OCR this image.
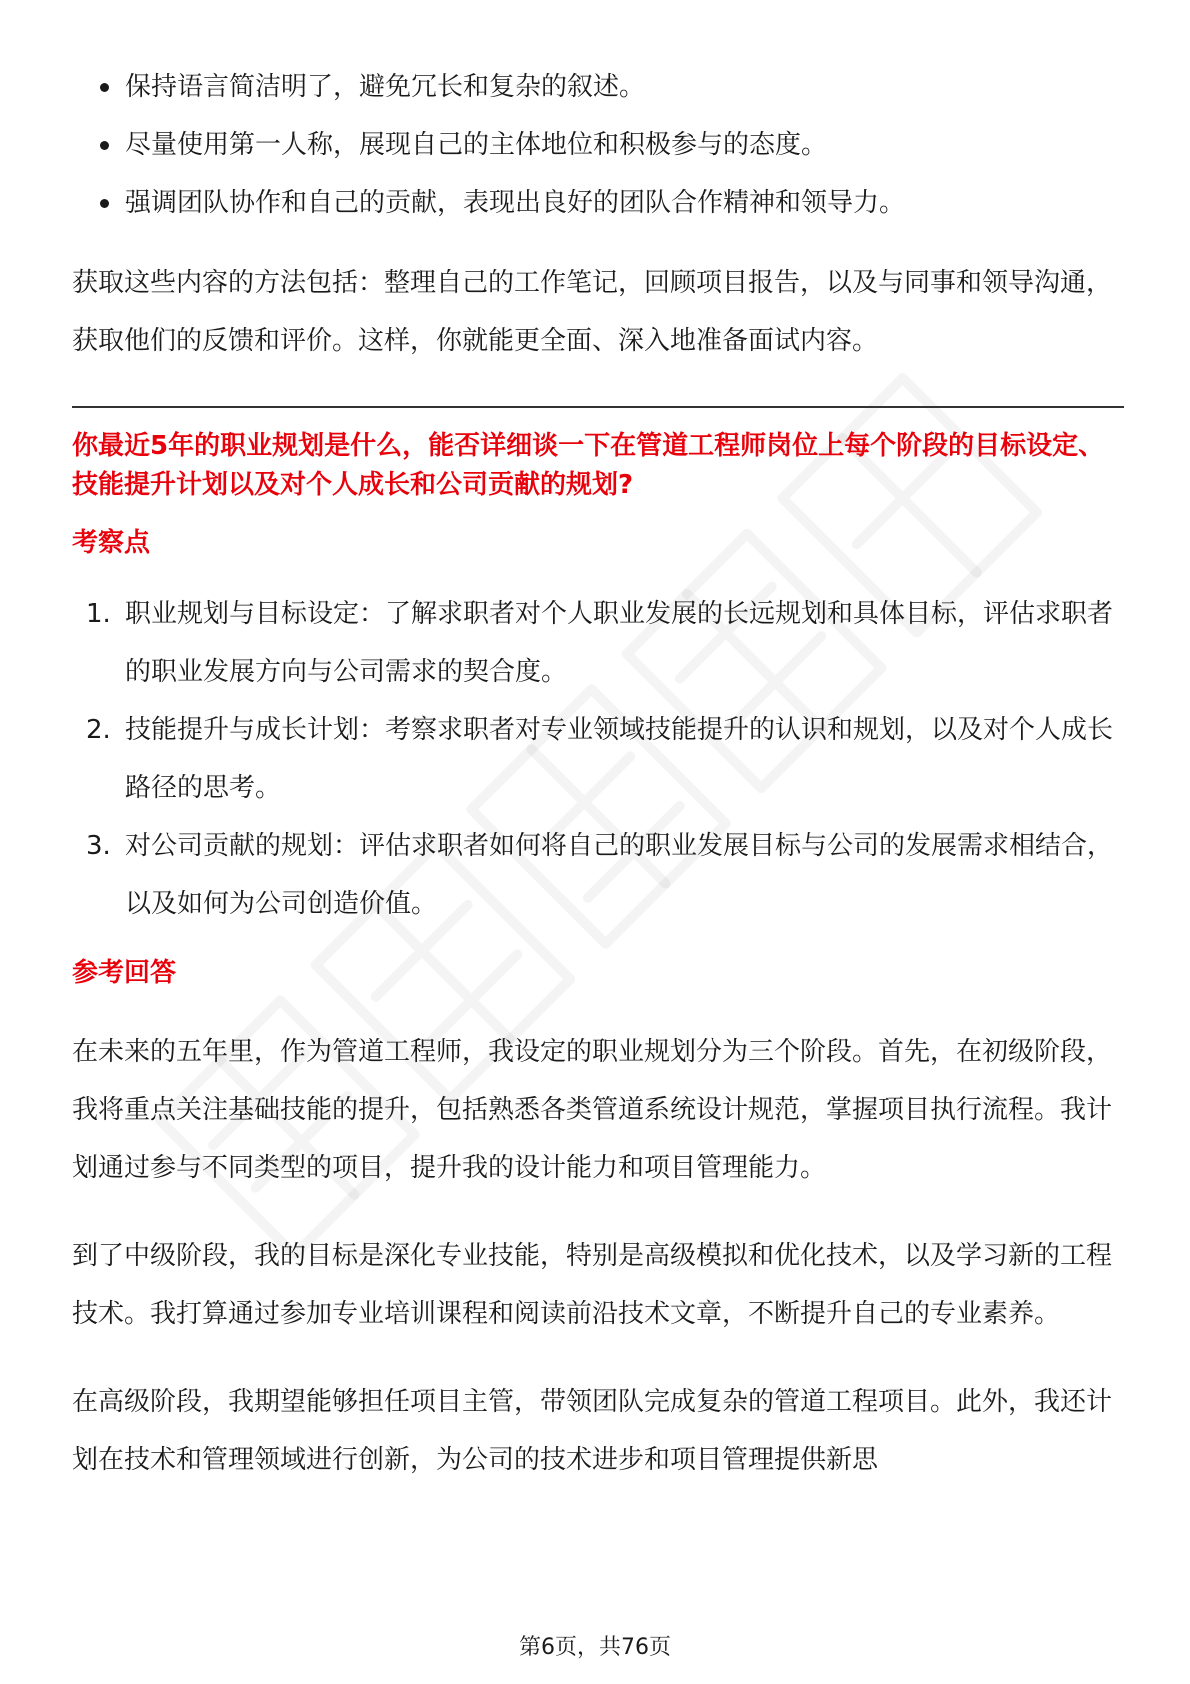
保持语言简洁明了，避免冗长和复杂的叙述。
尽量使用第一人称，展现自己的主体地位和积极参与的态度。
强调团队协作和自己的贡献，表现出良好的团队合作精神和领导力。

获取这些内容的方法包括：整理自己的工作笔记，回顾项目报告，以及与同事和领导沟通，获取他们的反馈和评价。这样，你就能更全面、深入地准备面试内容。

你最近5年的职业规划是什么，能否详细谈一下在管道工程师岗位上每个阶段的目标设定、技能提升计划以及对个人成长和公司贡献的规划?
考察点
1. 职业规划与目标设定：了解求职者对个人职业发展的长远规划和具体目标，评估求职者的职业发展方向与公司需求的契合度。
2. 技能提升与成长计划：考察求职者对专业领域技能提升的认识和规划，以及对个人成长路径的思考。
3. 对公司贡献的规划：评估求职者如何将自己的职业发展目标与公司的发展需求相结合，以及如何为公司创造价值。
参考回答

在未来的五年里，作为管道工程师，我设定的职业规划分为三个阶段。首先，在初级阶段，我将重点关注基础技能的提升，包括熟悉各类管道系统设计规范，掌握项目执行流程。我计划通过参与不同类型的项目，提升我的设计能力和项目管理能力。

到了中级阶段，我的目标是深化专业技能，特别是高级模拟和优化技术，以及学习新的工程技术。我打算通过参加专业培训课程和阅读前沿技术文章，不断提升自己的专业素养。

在高级阶段，我期望能够担任项目主管，带领团队完成复杂的管道工程项目。此外，我还计划在技术和管理领域进行创新，为公司的技术进步和项目管理提供新思

第6页，共76页
